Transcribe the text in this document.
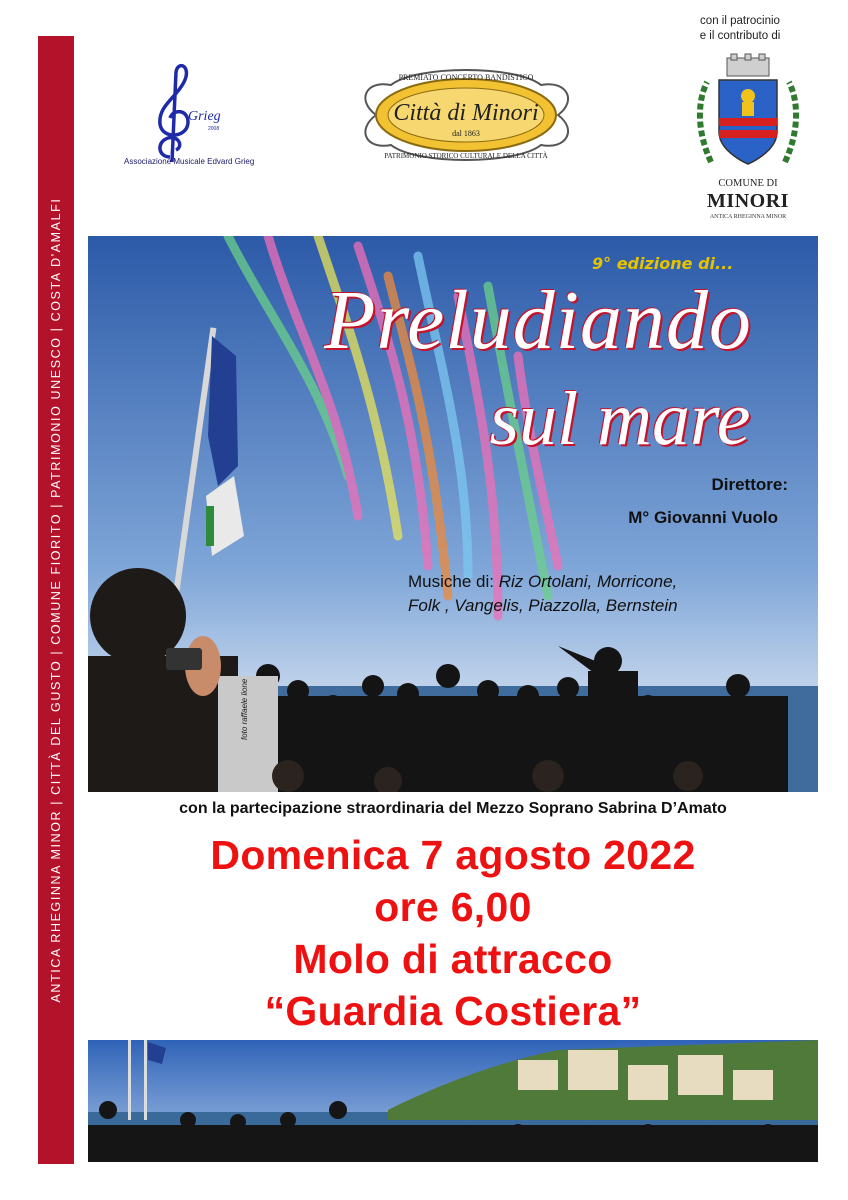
ANTICA RHEGINNA MINOR | CITTÀ DEL GUSTO | COMUNE FIORITO | PATRIMONIO UNESCO | COSTA D'AMALFI
Grieg
2008
Associazione Musicale Edvard Grieg
PREMIATO CONCERTO BANDISTICO
Città di Minori
dal 1863
PATRIMONIO STORICO CULTURALE DELLA CITTÀ
con il patrocinio
e il contributo di
COMUNE DI
MINORI
ANTICA RHEGINNA MINOR
9° edizione di...
Preludiando
sul mare
Direttore:
M° Giovanni Vuolo
Musiche di: Riz Ortolani, Morricone,
Folk , Vangelis, Piazzolla, Bernstein
foto raffaele lione
con la partecipazione straordinaria del Mezzo Soprano Sabrina D’Amato
Domenica 7 agosto 2022
ore 6,00
Molo di attracco
“Guardia Costiera”
